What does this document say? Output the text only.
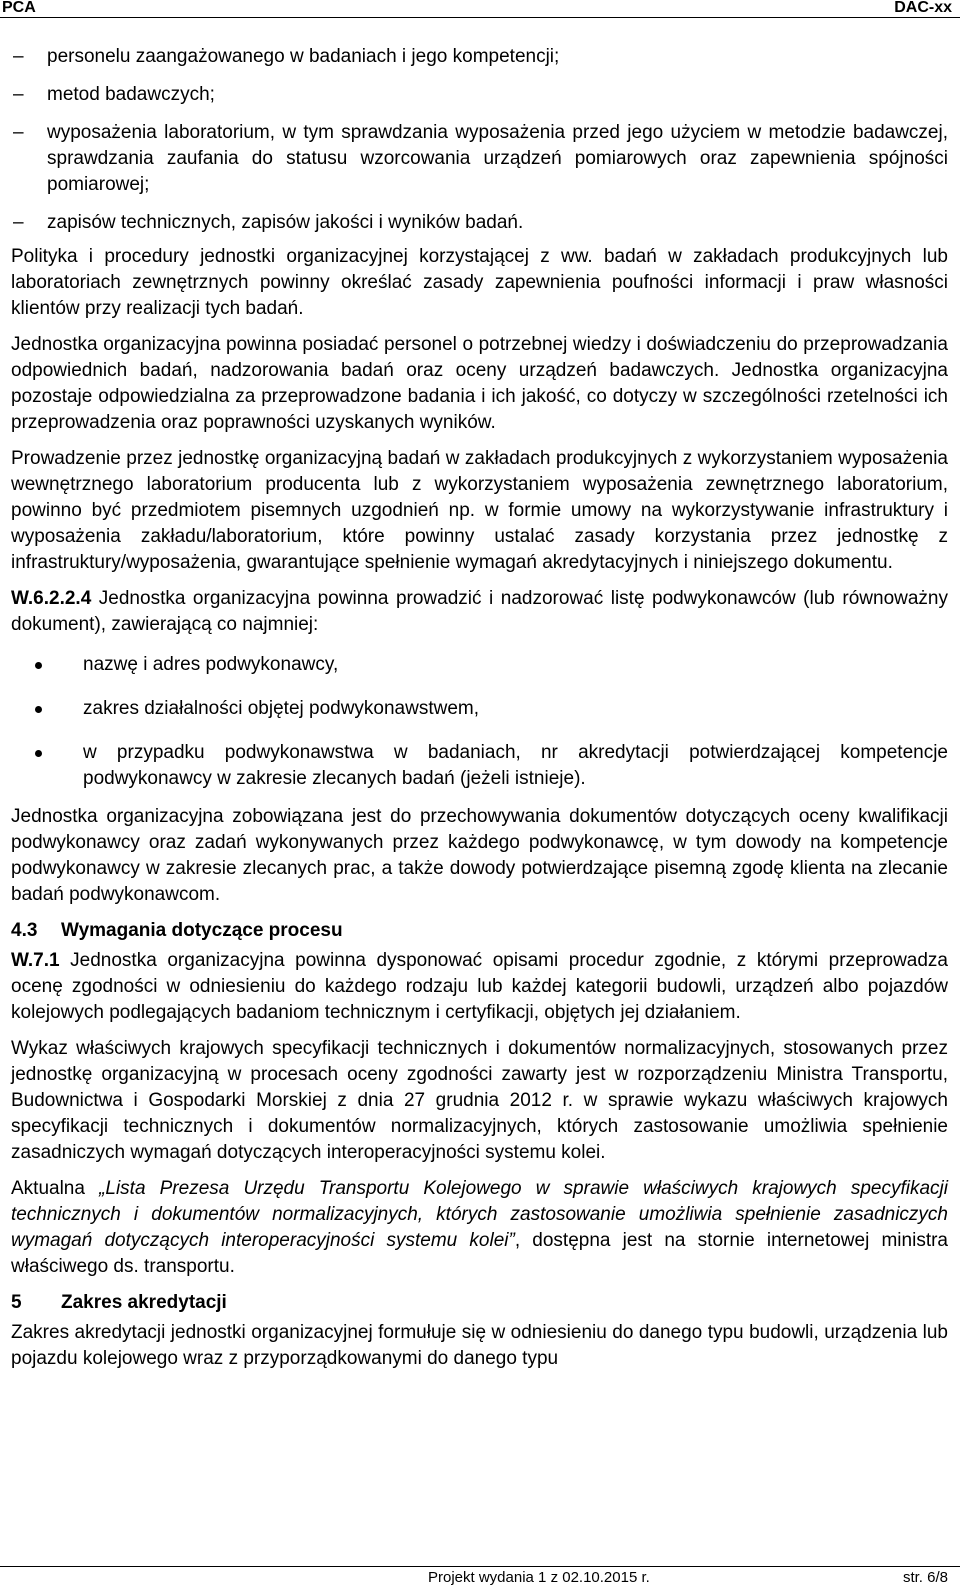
PCA	DAC-xx
– personelu zaangażowanego w badaniach i jego kompetencji;
– metod badawczych;
– wyposażenia laboratorium, w tym sprawdzania wyposażenia przed jego użyciem w metodzie badawczej, sprawdzania zaufania do statusu wzorcowania urządzeń pomiarowych oraz zapewnienia spójności pomiarowej;
– zapisów technicznych, zapisów jakości i wyników badań.

Polityka i procedury jednostki organizacyjnej korzystającej z ww. badań w zakładach produkcyjnych lub laboratoriach zewnętrznych powinny określać zasady zapewnienia poufności informacji i praw własności klientów przy realizacji tych badań.

Jednostka organizacyjna powinna posiadać personel o potrzebnej wiedzy i doświadczeniu do przeprowadzania odpowiednich badań, nadzorowania badań oraz oceny urządzeń badawczych. Jednostka organizacyjna pozostaje odpowiedzialna za przeprowadzone badania i ich jakość, co dotyczy w szczególności rzetelności ich przeprowadzenia oraz poprawności uzyskanych wyników.

Prowadzenie przez jednostkę organizacyjną badań w zakładach produkcyjnych z wykorzystaniem wyposażenia wewnętrznego laboratorium producenta lub z wykorzystaniem wyposażenia zewnętrznego laboratorium, powinno być przedmiotem pisemnych uzgodnień np. w formie umowy na wykorzystywanie infrastruktury i wyposażenia zakładu/laboratorium, które powinny ustalać zasady korzystania przez jednostkę z infrastruktury/wyposażenia, gwarantujące spełnienie wymagań akredytacyjnych i niniejszego dokumentu.

W.6.2.2.4 Jednostka organizacyjna powinna prowadzić i nadzorować listę podwykonawców (lub równoważny dokument), zawierającą co najmniej:

nazwę i adres podwykonawcy,
zakres działalności objętej podwykonawstwem,
w przypadku podwykonawstwa w badaniach, nr akredytacji potwierdzającej kompetencje podwykonawcy w zakresie zlecanych badań (jeżeli istnieje).

Jednostka organizacyjna zobowiązana jest do przechowywania dokumentów dotyczących oceny kwalifikacji podwykonawcy oraz zadań wykonywanych przez każdego podwykonawcę, w tym dowody na kompetencje podwykonawcy w zakresie zlecanych prac, a także dowody potwierdzające pisemną zgodę klienta na zlecanie badań podwykonawcom.

4.3 Wymagania dotyczące procesu

W.7.1 Jednostka organizacyjna powinna dysponować opisami procedur zgodnie, z którymi przeprowadza ocenę zgodności w odniesieniu do każdego rodzaju lub każdej kategorii budowli, urządzeń albo pojazdów kolejowych podlegających badaniom technicznym i certyfikacji, objętych jej działaniem.

Wykaz właściwych krajowych specyfikacji technicznych i dokumentów normalizacyjnych, stosowanych przez jednostkę organizacyjną w procesach oceny zgodności zawarty jest w rozporządzeniu Ministra Transportu, Budownictwa i Gospodarki Morskiej z dnia 27 grudnia 2012 r. w sprawie wykazu właściwych krajowych specyfikacji technicznych i dokumentów normalizacyjnych, których zastosowanie umożliwia spełnienie zasadniczych wymagań dotyczących interoperacyjności systemu kolei.

Aktualna „Lista Prezesa Urzędu Transportu Kolejowego w sprawie właściwych krajowych specyfikacji technicznych i dokumentów normalizacyjnych, których zastosowanie umożliwia spełnienie zasadniczych wymagań dotyczących interoperacyjności systemu kolei”, dostępna jest na stornie internetowej ministra właściwego ds. transportu.

5 Zakres akredytacji

Zakres akredytacji jednostki organizacyjnej formułuje się w odniesieniu do danego typu budowli, urządzenia lub pojazdu kolejowego wraz z przyporządkowanymi do danego typu

Projekt wydania 1 z 02.10.2015 r.	str. 6/8
